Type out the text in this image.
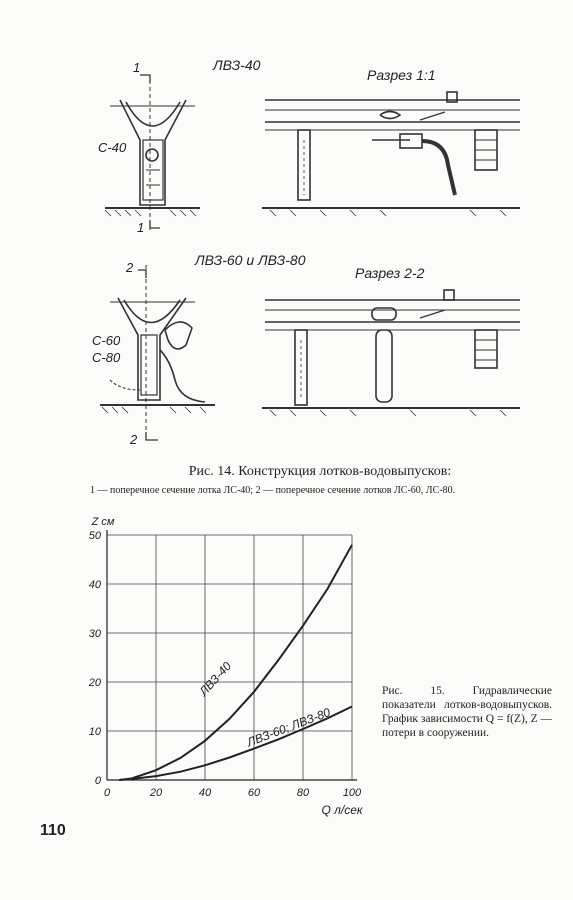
ЛВЗ-40
Разрез 1:1
ЛВЗ-60 и ЛВЗ-80
Разрез 2-2
С-40
С-60
С-80
1
1
2
2
Рис. 14. Конструкция лотков-водовыпусков:
1 — поперечное сечение лотка ЛС-40; 2 — поперечное сечение лотков ЛС-60, ЛС-80.
0	20	40	60	80	100
0
10
20
30
40
50
Z см
Q л/сек
ЛВЗ-40
ЛВЗ-60; ЛВЗ-80
Рис. 15. Гидравлические показатели лотков-водовыпусков. График зависимости Q = f(Z), Z — потери в сооружении.
110
